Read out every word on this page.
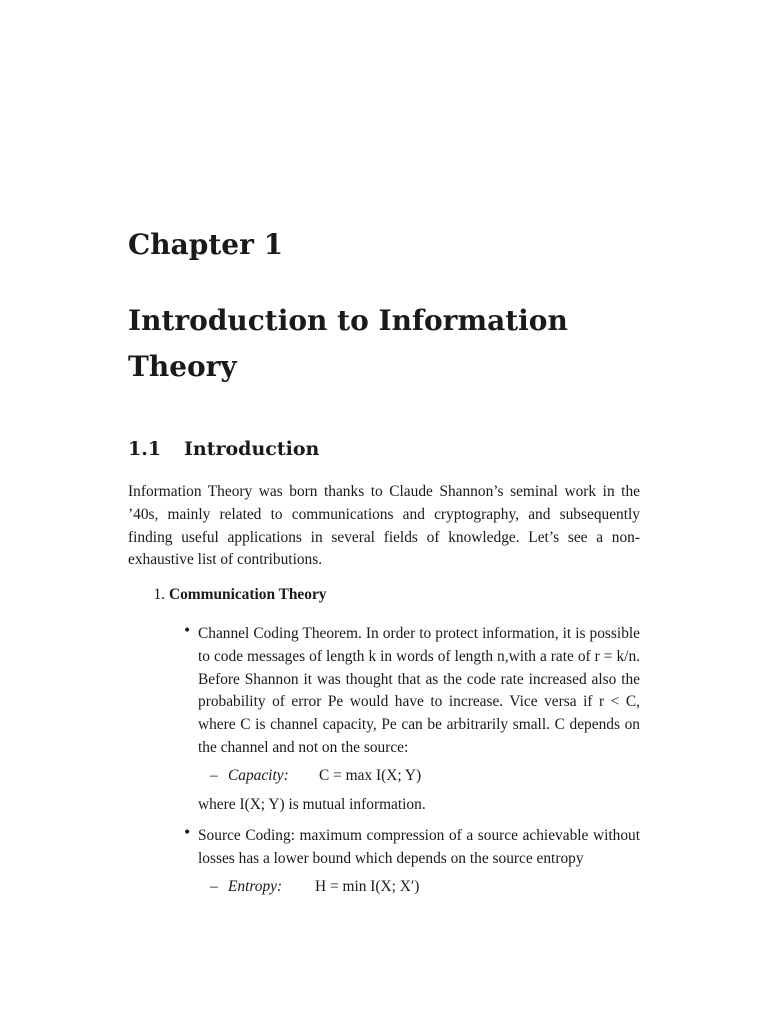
Chapter 1
Introduction to Information Theory
1.1 Introduction

Information Theory was born thanks to Claude Shannon’s seminal work in the ’40s, mainly related to communications and cryptography, and subsequently finding useful applications in several fields of knowledge. Let’s see a non-exhaustive list of contributions.

1. Communication Theory
• Channel Coding Theorem. In order to protect information, it is possible to code messages of length k in words of length n,with a rate of r = k/n. Before Shannon it was thought that as the code rate increased also the probability of error Pe would have to increase. Vice versa if r < C, where C is channel capacity, Pe can be arbitrarily small. C depends on the channel and not on the source:

– Capacity: C = max I(X; Y)
where I(X; Y) is mutual information.
• Source Coding: maximum compression of a source achievable without losses has a lower bound which depends on the source entropy

– Entropy: H = min I(X; X′)
